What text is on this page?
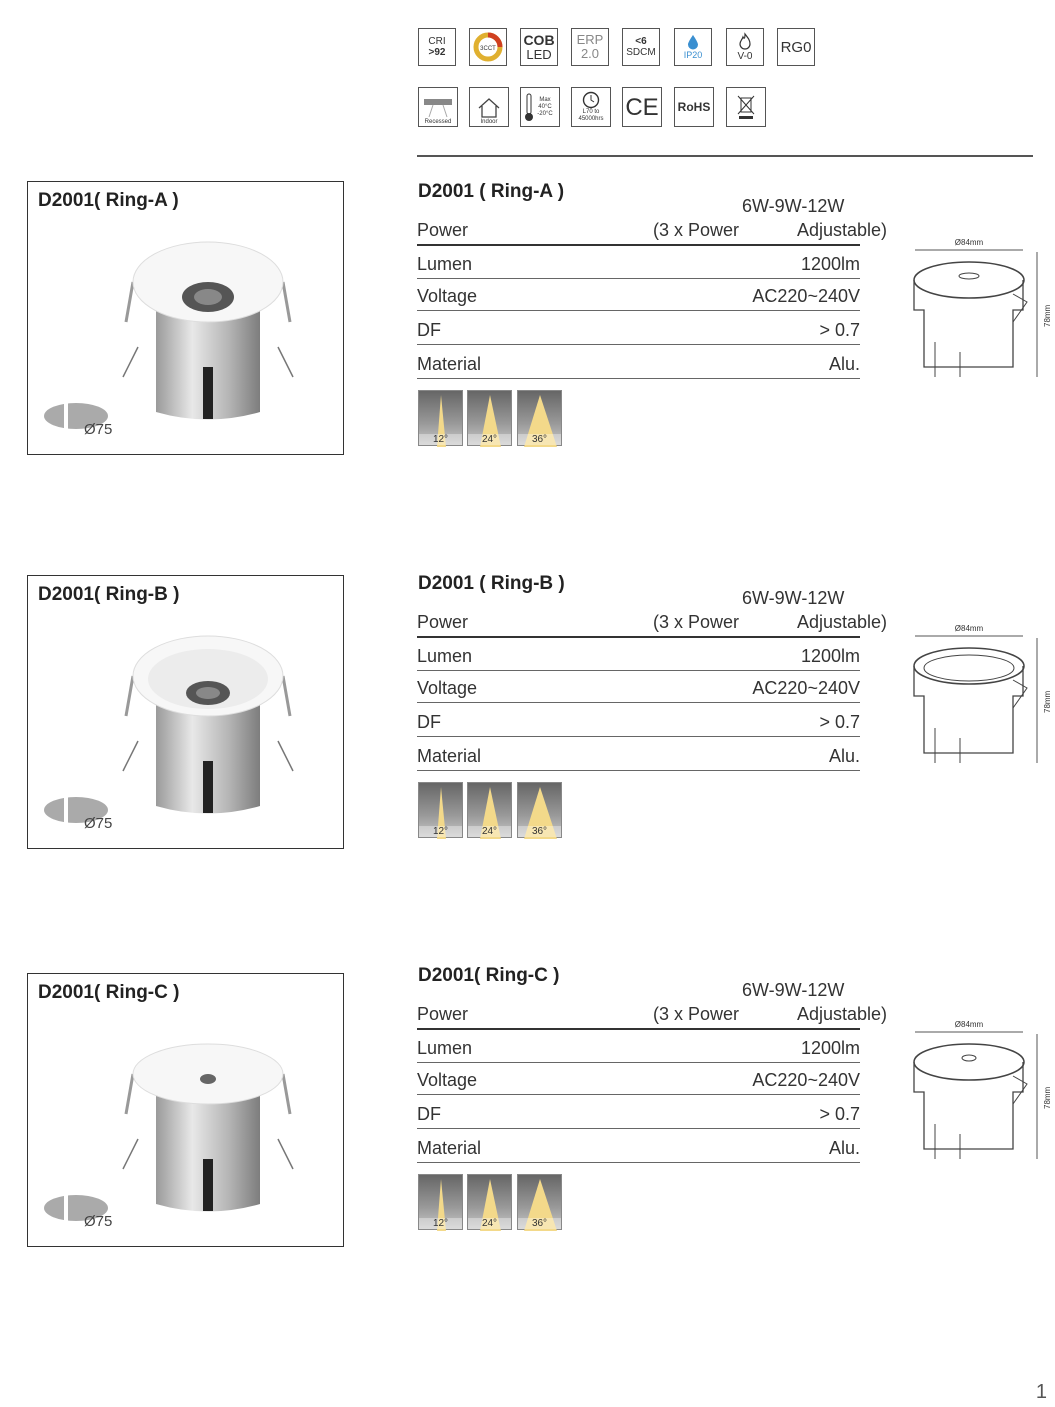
CRI
>92	3CCT
COB
LED
ERP
2.0
<6
SDCM	IP20	V-0
RG0
Recessed	Indoor
Max 40°C -20°C	L70 to 45000hrs CE RoHS
D2001( Ring-A )
Ø75
D2001 ( Ring-A )
6W-9W-12W
Power	(3 x Power	Adjustable)
Lumen	1200lm
Voltage	AC220~240V
DF	> 0.7
Material	Alu.
12°	24°	36°
Ø84mm
78mm
D2001( Ring-B )
Ø75
D2001 ( Ring-B )
6W-9W-12W
Power	(3 x Power	Adjustable)
Lumen	1200lm
Voltage	AC220~240V
DF	> 0.7
Material	Alu.
12°	24°	36°
Ø84mm
78mm
D2001( Ring-C )
Ø75
D2001( Ring-C )
6W-9W-12W
Power	(3 x Power	Adjustable)
Lumen	1200lm
Voltage	AC220~240V
DF	> 0.7
Material	Alu.
12°	24°	36°
Ø84mm
78mm
1
